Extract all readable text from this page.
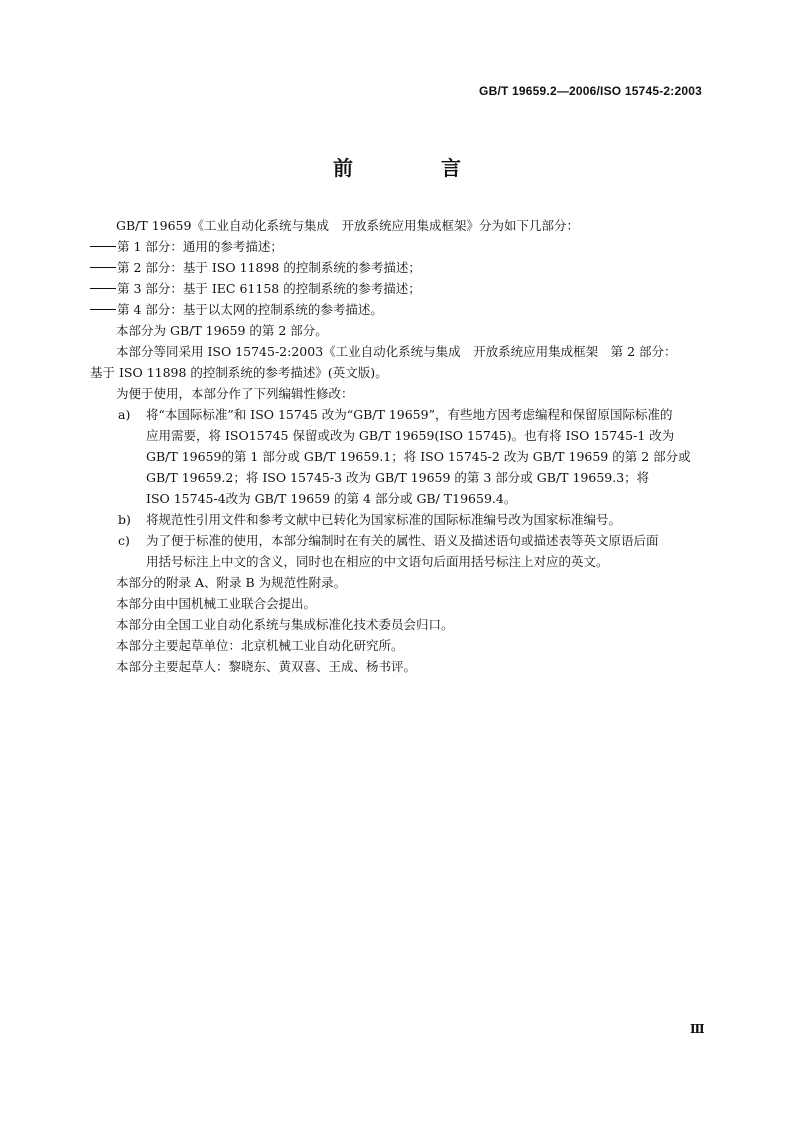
GB/T 19659.2—2006/ISO 15745-2:2003
前　言

GB/T 19659《工业自动化系统与集成　开放系统应用集成框架》分为如下几部分：

第 1 部分：通用的参考描述；

第 2 部分：基于 ISO 11898 的控制系统的参考描述；

第 3 部分：基于 IEC 61158 的控制系统的参考描述；

第 4 部分：基于以太网的控制系统的参考描述。

本部分为 GB/T 19659 的第 2 部分。

本部分等同采用 ISO 15745-2:2003《工业自动化系统与集成　开放系统应用集成框架　第 2 部分：

基于 ISO 11898 的控制系统的参考描述》(英文版)。

为便于使用，本部分作了下列编辑性修改：

a)	将“本国际标准”和 ISO 15745 改为“GB/T 19659”，有些地方因考虑编程和保留原国际标准的
应用需要，将 ISO15745 保留或改为 GB/T 19659(ISO 15745)。也有将 ISO 15745-1 改为
GB/T 19659的第 1 部分或 GB/T 19659.1；将 ISO 15745-2 改为 GB/T 19659 的第 2 部分或
GB/T 19659.2；将 ISO 15745-3 改为 GB/T 19659 的第 3 部分或 GB/T 19659.3；将
ISO 15745-4改为 GB/T 19659 的第 4 部分或 GB/ T19659.4。
b)	将规范性引用文件和参考文献中已转化为国家标准的国际标准编号改为国家标准编号。
c)	为了便于标准的使用，本部分编制时在有关的属性、语义及描述语句或描述表等英文原语后面
用括号标注上中文的含义，同时也在相应的中文语句后面用括号标注上对应的英文。

本部分的附录 A、附录 B 为规范性附录。

本部分由中国机械工业联合会提出。

本部分由全国工业自动化系统与集成标准化技术委员会归口。

本部分主要起草单位：北京机械工业自动化研究所。

本部分主要起草人：黎晓东、黄双喜、王成、杨书评。

Ⅲ
